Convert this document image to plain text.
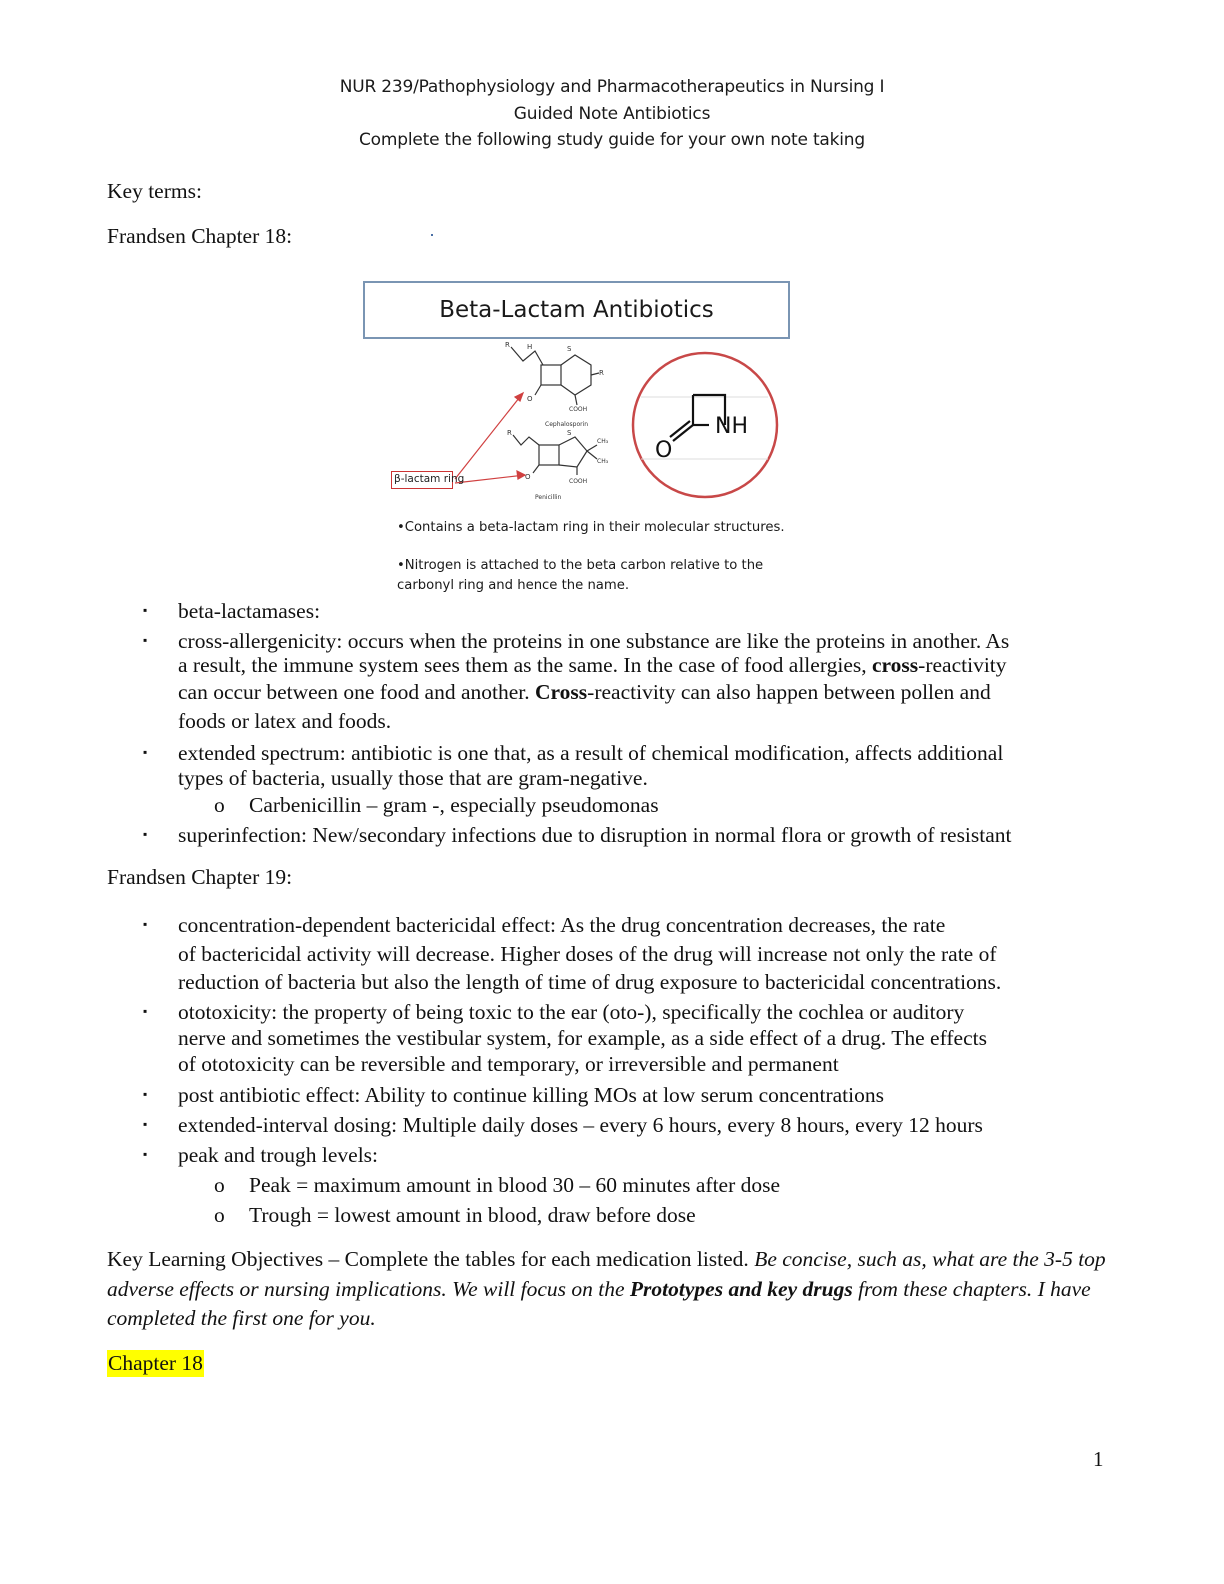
NUR 239/Pathophysiology and Pharmacotherapeutics in Nursing I
Guided Note Antibiotics
Complete the following study guide for your own note taking
Key terms:
Frandsen Chapter 18:
Beta-Lactam Antibiotics
R H	S
R
O
COOH
Cephalosporin
R	S
CH₃
CH₃
O
COOH
Penicillin
NH
O
β-lactam ring
•Contains a beta-lactam ring in their molecular structures.
•Nitrogen is attached to the beta carbon relative to the
carbonyl ring and hence the name.
▪ beta-lactamases:
▪ cross-allergenicity: occurs when the proteins in one substance are like the proteins in another. As
a result, the immune system sees them as the same. In the case of food allergies, cross-reactivity
can occur between one food and another. Cross-reactivity can also happen between pollen and
foods or latex and foods.
▪ extended spectrum: antibiotic is one that, as a result of chemical modification, affects additional
types of bacteria, usually those that are gram-negative.
o Carbenicillin – gram -, especially pseudomonas
▪ superinfection: New/secondary infections due to disruption in normal flora or growth of resistant
Frandsen Chapter 19:
▪ concentration-dependent bactericidal effect: As the drug concentration decreases, the rate
of bactericidal activity will decrease. Higher doses of the drug will increase not only the rate of
reduction of bacteria but also the length of time of drug exposure to bactericidal concentrations.
▪ ototoxicity: the property of being toxic to the ear (oto-), specifically the cochlea or auditory
nerve and sometimes the vestibular system, for example, as a side effect of a drug. The effects
of ototoxicity can be reversible and temporary, or irreversible and permanent
▪ post antibiotic effect: Ability to continue killing MOs at low serum concentrations
▪ extended-interval dosing: Multiple daily doses – every 6 hours, every 8 hours, every 12 hours
▪ peak and trough levels:
o Peak = maximum amount in blood 30 – 60 minutes after dose
o Trough = lowest amount in blood, draw before dose
Key Learning Objectives – Complete the tables for each medication listed. Be concise, such as, what are the 3-5 top adverse effects or nursing implications. We will focus on the Prototypes and key drugs from these chapters. I have completed the first one for you.
Chapter 18
1
